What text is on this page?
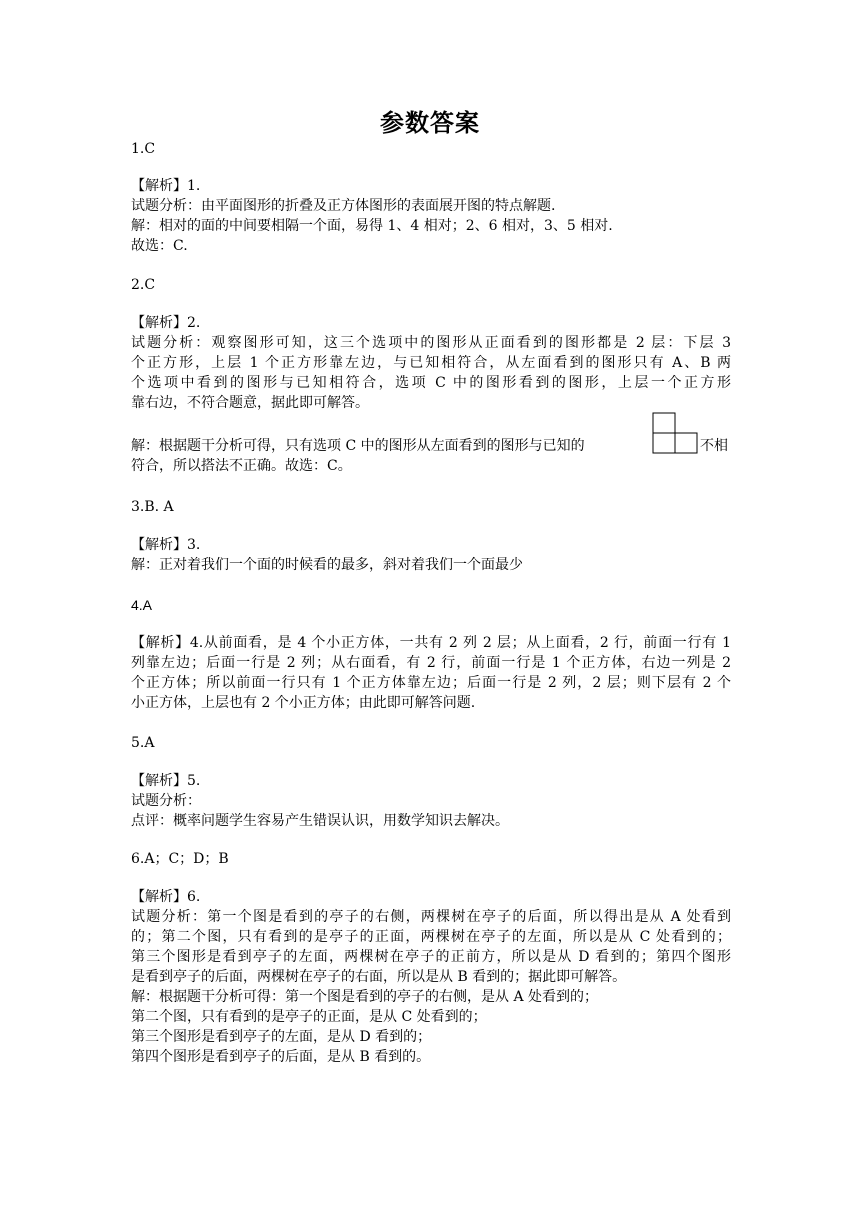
参数答案
1.C
【解析】1.
试题分析：由平面图形的折叠及正方体图形的表面展开图的特点解题.
解：相对的面的中间要相隔一个面，易得 1、4 相对；2、6 相对，3、5 相对.
故选：C.
2.C
【解析】2.
试题分析：观察图形可知，这三个选项中的图形从正面看到的图形都是 2 层：下层 3
个正方形，上层 1 个正方形靠左边，与已知相符合，从左面看到的图形只有 A、B 两
个选项中看到的图形与已知相符合，选项 C 中的图形看到的图形，上层一个正方形
靠右边，不符合题意，据此即可解答。
解：根据题干分析可得，只有选项 C 中的图形从左面看到的图形与已知的	不相
符合，所以搭法不正确。故选：C。
3.B. A
【解析】3.
解：正对着我们一个面的时候看的最多，斜对着我们一个面最少
4.A
【解析】4.从前面看，是 4 个小正方体，一共有 2 列 2 层；从上面看，2 行，前面一行有 1
列靠左边；后面一行是 2 列；从右面看，有 2 行，前面一行是 1 个正方体，右边一列是 2
个正方体；所以前面一行只有 1 个正方体靠左边；后面一行是 2 列，2 层；则下层有 2 个
小正方体，上层也有 2 个小正方体；由此即可解答问题.
5.A
【解析】5.
试题分析：
点评：概率问题学生容易产生错误认识，用数学知识去解决。
6.A；C；D；B
【解析】6.
试题分析：第一个图是看到的亭子的右侧，两棵树在亭子的后面，所以得出是从 A 处看到
的；第二个图，只有看到的是亭子的正面，两棵树在亭子的左面，所以是从 C 处看到的；
第三个图形是看到亭子的左面，两棵树在亭子的正前方，所以是从 D 看到的；第四个图形
是看到亭子的后面，两棵树在亭子的右面，所以是从 B 看到的；据此即可解答。
解：根据题干分析可得：第一个图是看到的亭子的右侧，是从 A 处看到的；
第二个图，只有看到的是亭子的正面，是从 C 处看到的；
第三个图形是看到亭子的左面，是从 D 看到的；
第四个图形是看到亭子的后面，是从 B 看到的。
